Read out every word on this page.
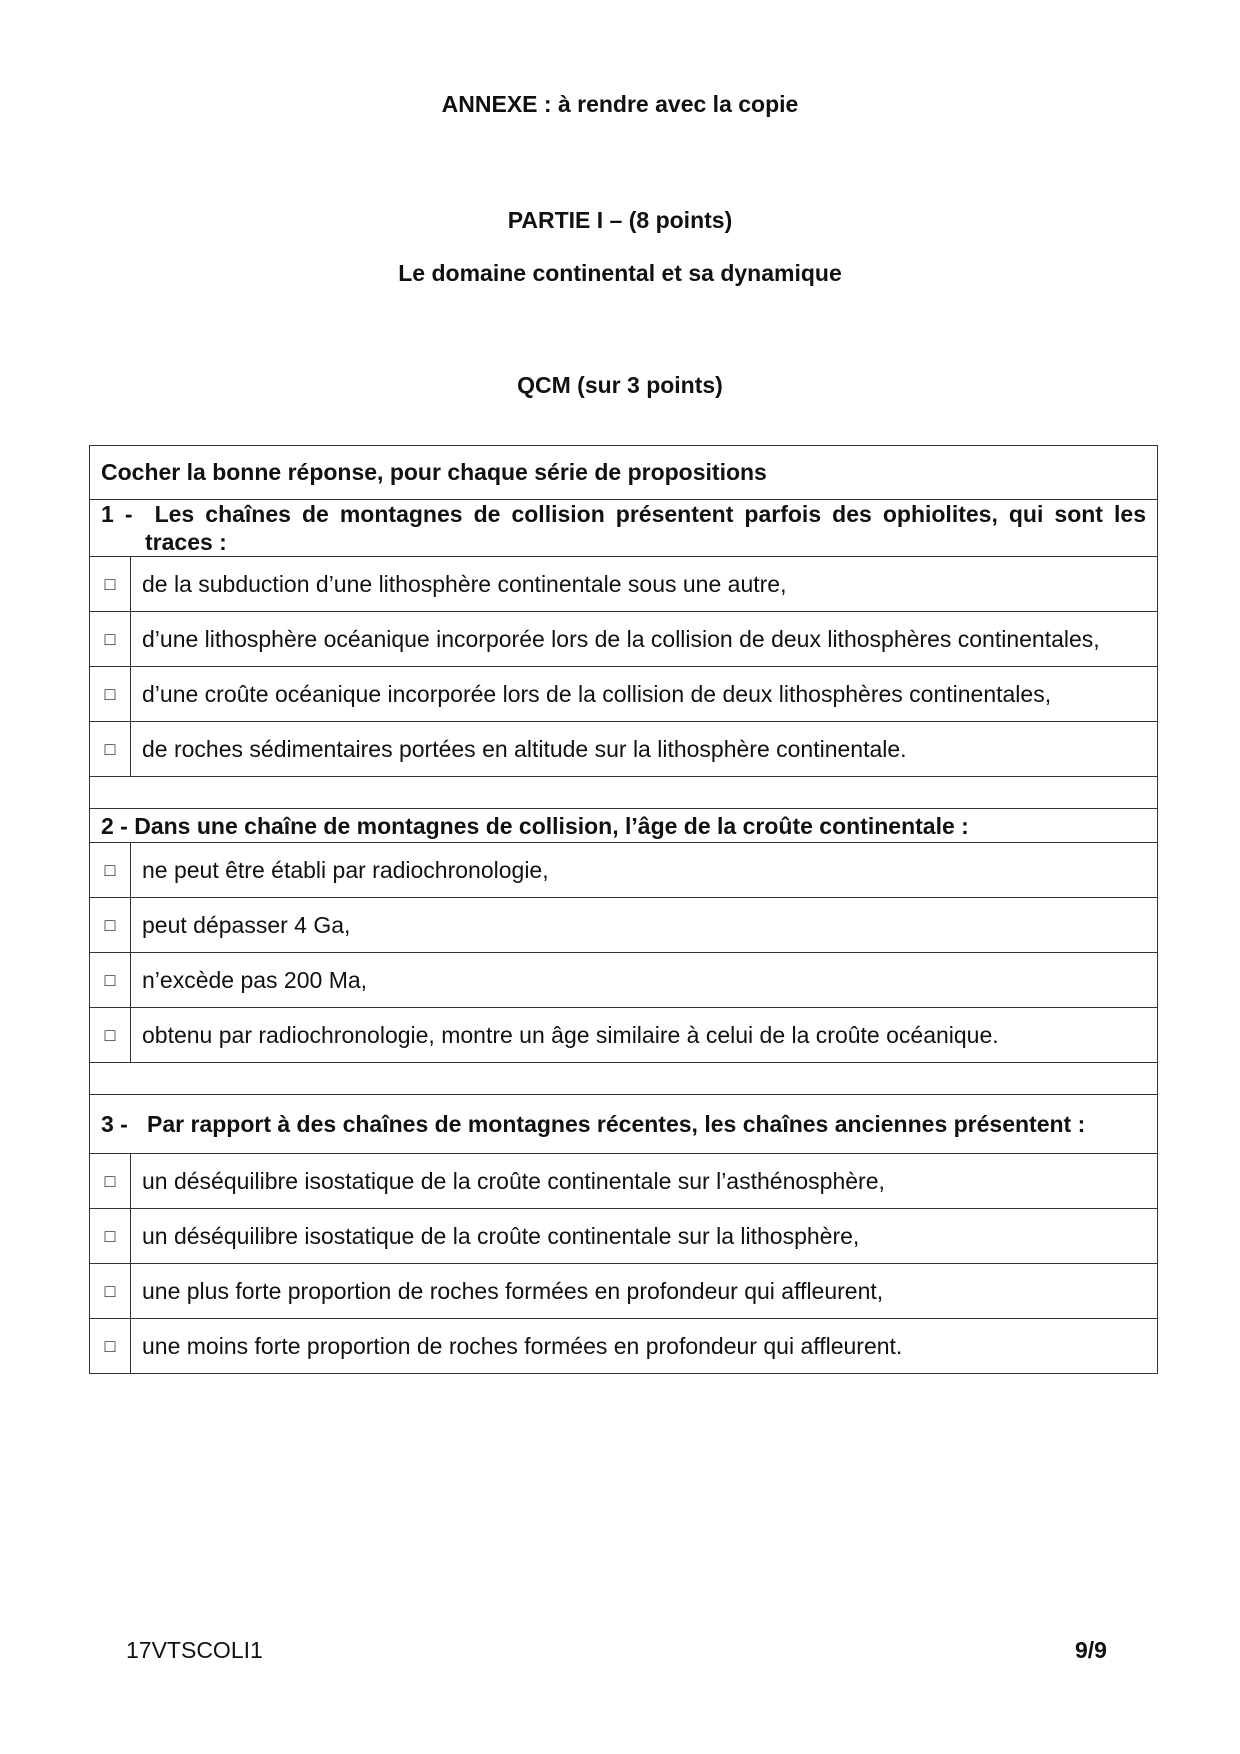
ANNEXE : à rendre avec la copie
PARTIE I – (8 points)
Le domaine continental et sa dynamique
QCM (sur 3 points)
Cocher la bonne réponse, pour chaque série de propositions	

1 - Les chaînes de montagnes de collision présentent parfois des ophiolites, qui sont les traces :	

□	de la subduction d’une lithosphère continentale sous une autre,
□	d’une lithosphère océanique incorporée lors de la collision de deux lithosphères continentales,
□	d’une croûte océanique incorporée lors de la collision de deux lithosphères continentales,
□	de roches sédimentaires portées en altitude sur la lithosphère continentale.

2 - Dans une chaîne de montagnes de collision, l’âge de la croûte continentale :	
□	ne peut être établi par radiochronologie,
□	peut dépasser 4 Ga,
□	n’excède pas 200 Ma,
□	obtenu par radiochronologie, montre un âge similaire à celui de la croûte océanique.

3 - Par rapport à des chaînes de montagnes récentes, les chaînes anciennes présentent :	

□	un déséquilibre isostatique de la croûte continentale sur l’asthénosphère,
□	un déséquilibre isostatique de la croûte continentale sur la lithosphère,
□	une plus forte proportion de roches formées en profondeur qui affleurent,
□	une moins forte proportion de roches formées en profondeur qui affleurent.
17VTSCOLI1	9/9
